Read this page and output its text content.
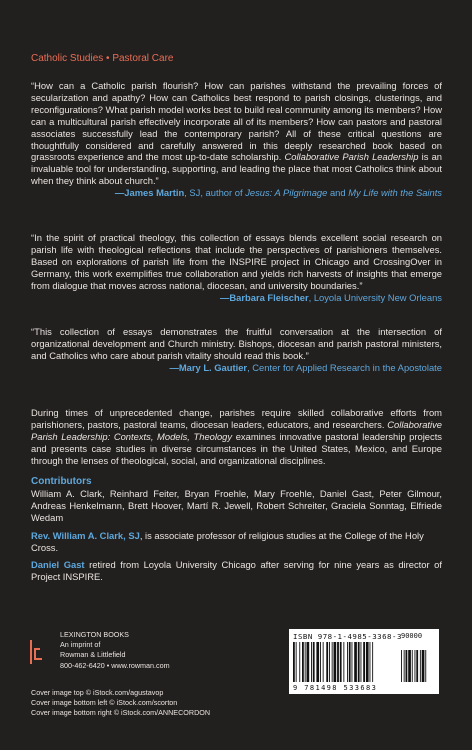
Catholic Studies • Pastoral Care
“How can a Catholic parish flourish? How can parishes withstand the prevailing forces of secularization and apathy? How can Catholics best respond to parish closings, clusterings, and reconfigurations? What parish model works best to build real community among its members? How can a multicultural parish effectively incorporate all of its members? How can pastors and pastoral associates successfully lead the contemporary parish? All of these critical questions are thoughtfully considered and carefully answered in this deeply researched book based on grassroots experience and the most up-to-date scholarship. Collaborative Parish Leadership is an invaluable tool for understanding, supporting, and leading the place that most Catholics think about when they think about church.”
—James Martin, SJ, author of Jesus: A Pilgrimage and My Life with the Saints
“In the spirit of practical theology, this collection of essays blends excellent social research on parish life with theological reflections that include the perspectives of parishioners themselves. Based on explorations of parish life from the INSPIRE project in Chicago and CrossingOver in Germany, this work exemplifies true collaboration and yields rich harvests of insights that emerge from dialogue that moves across national, diocesan, and university boundaries.”
—Barbara Fleischer, Loyola University New Orleans
“This collection of essays demonstrates the fruitful conversation at the intersection of organizational development and Church ministry. Bishops, diocesan and parish pastoral ministers, and Catholics who care about parish vitality should read this book.”
—Mary L. Gautier, Center for Applied Research in the Apostolate
During times of unprecedented change, parishes require skilled collaborative efforts from parishioners, pastors, pastoral teams, diocesan leaders, educators, and researchers. Collaborative Parish Leadership: Contexts, Models, Theology examines innovative pastoral leadership projects and presents case studies in diverse circumstances in the United States, Mexico, and Europe through the lenses of theological, social, and organizational disciplines.
Contributors
William A. Clark, Reinhard Feiter, Bryan Froehle, Mary Froehle, Daniel Gast, Peter Gilmour, Andreas Henkelmann, Brett Hoover, Martí R. Jewell, Robert Schreiter, Graciela Sonntag, Elfriede Wedam
Rev. William A. Clark, SJ, is associate professor of religious studies at the College of the Holy Cross.
Daniel Gast retired from Loyola University Chicago after serving for nine years as director of Project INSPIRE.
LEXINGTON BOOKS
An imprint of
Rowman & Littlefield
800-462-6420 • www.rowman.com
Cover image top © iStock.com/agustavop
Cover image bottom left © iStock.com/scorton
Cover image bottom right © iStock.com/ANNECORDON
ISBN 978-1-4985-3368-3
9 781498 533683
90000
